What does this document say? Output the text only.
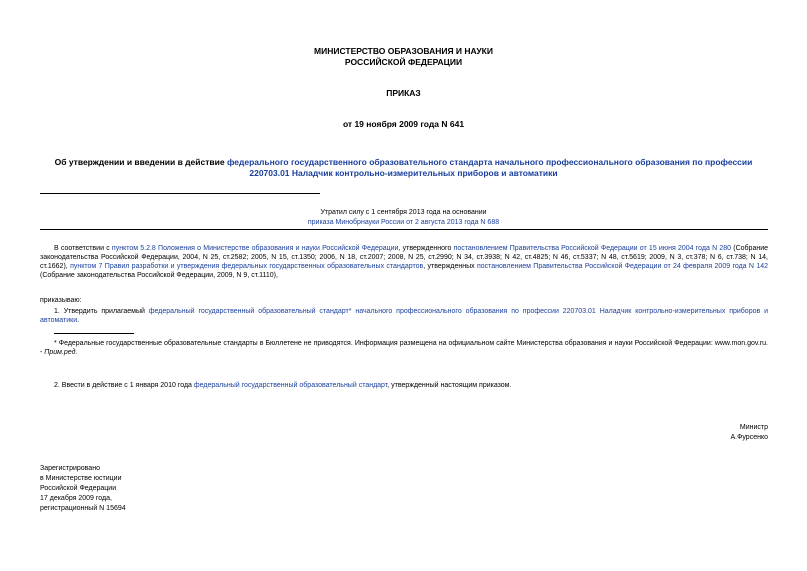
МИНИСТЕРСТВО ОБРАЗОВАНИЯ И НАУКИ
РОССИЙСКОЙ ФЕДЕРАЦИИ
ПРИКАЗ
от 19 ноября 2009 года N 641
Об утверждении и введении в действие федерального государственного образовательного стандарта начального профессионального образования по профессии 220703.01 Наладчик контрольно-измерительных приборов и автоматики
Утратил силу с 1 сентября 2013 года на основании
приказа Минобрнауки России от 2 августа 2013 года N 688
В соответствии с пунктом 5.2.8 Положения о Министерстве образования и науки Российской Федерации, утвержденного постановлением Правительства Российской Федерации от 15 июня 2004 года N 280 (Собрание законодательства Российской Федерации, 2004, N 25, ст.2582; 2005, N 15, ст.1350; 2006, N 18, ст.2007; 2008, N 25, ст.2990; N 34, ст.3938; N 42, ст.4825; N 46, ст.5337; N 48, ст.5619; 2009, N 3, ст.378; N 6, ст.738; N 14, ст.1662), пунктом 7 Правил разработки и утверждения федеральных государственных образовательных стандартов, утвержденных постановлением Правительства Российской Федерации от 24 февраля 2009 года N 142 (Собрание законодательства Российской Федерации, 2009, N 9, ст.1110),
приказываю:
1. Утвердить прилагаемый федеральный государственный образовательный стандарт* начального профессионального образования по профессии 220703.01 Наладчик контрольно-измерительных приборов и автоматики.
* Федеральные государственные образовательные стандарты в Бюллетене не приводятся. Информация размещена на официальном сайте Министерства образования и науки Российской Федерации: www.mon.gov.ru. - Прим.ред.
2. Ввести в действие с 1 января 2010 года федеральный государственный образовательный стандарт, утвержденный настоящим приказом.
Министр
А.Фурсенко
Зарегистрировано
в Министерстве юстиции
Российской Федерации
17 декабря 2009 года,
регистрационный N 15694
